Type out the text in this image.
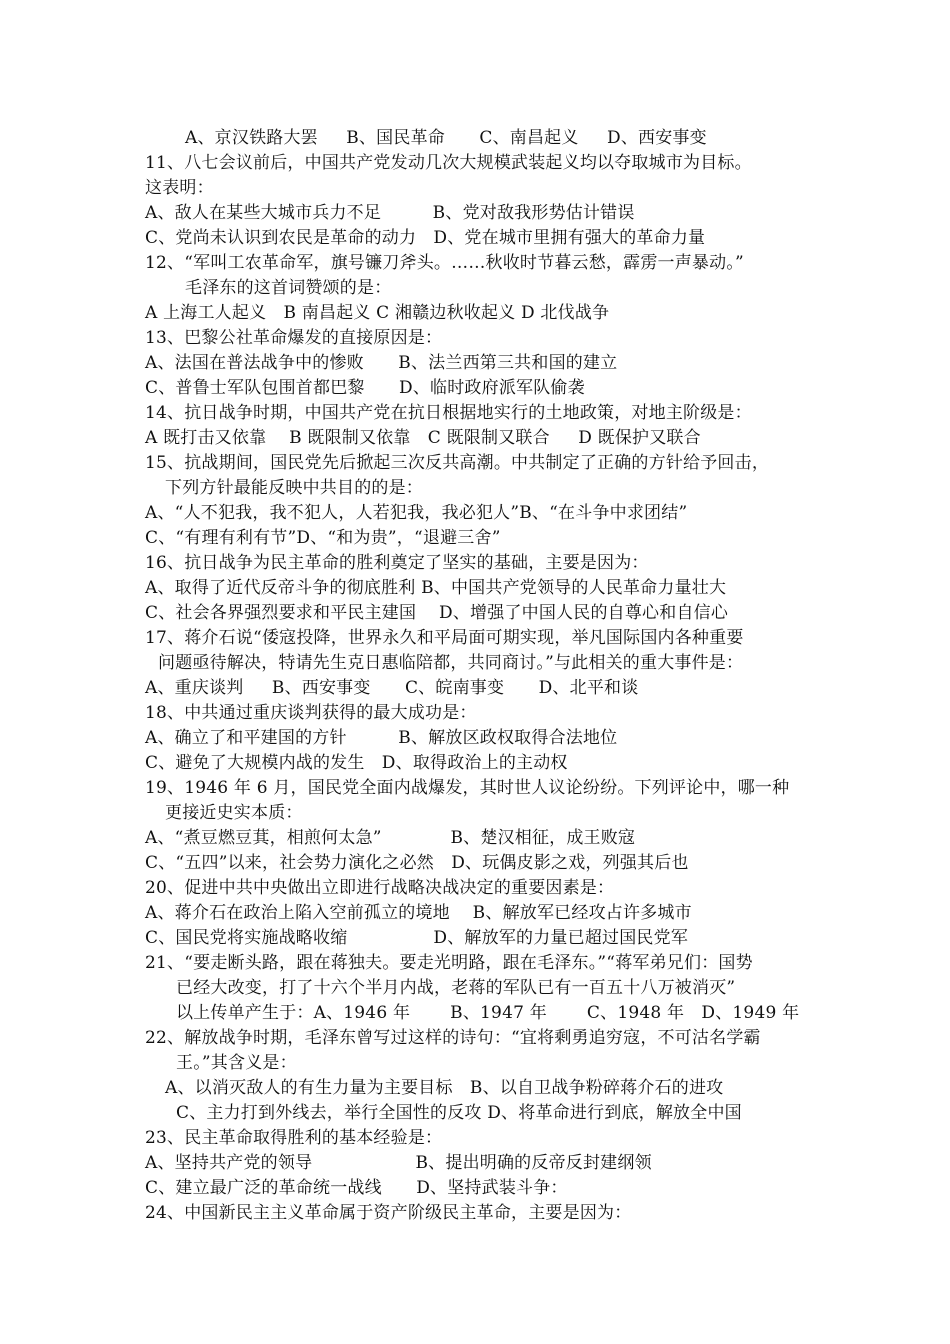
A、京汉铁路大罢　  B、国民革命　　C、南昌起义　  D、西安事变
11、八七会议前后，中国共产党发动几次大规模武装起义均以夺取城市为目标。
这表明：
A、敌人在某些大城市兵力不足　　　B、党对敌我形势估计错误
C、党尚未认识到农民是革命的动力　D、党在城市里拥有强大的革命力量
12、“军叫工农革命军，旗号镰刀斧头。……秋收时节暮云愁，霹雳一声暴动。”
毛泽东的这首词赞颂的是：
A 上海工人起义　B 南昌起义 C 湘赣边秋收起义 D 北伐战争
13、巴黎公社革命爆发的直接原因是：
A、法国在普法战争中的惨败　　B、法兰西第三共和国的建立
C、普鲁士军队包围首都巴黎　　D、临时政府派军队偷袭
14、抗日战争时期，中国共产党在抗日根据地实行的土地政策，对地主阶级是：
A 既打击又依靠　 B 既限制又依靠　C 既限制又联合　  D 既保护又联合
15、抗战期间，国民党先后掀起三次反共高潮。中共制定了正确的方针给予回击，
下列方针最能反映中共目的的是：
A、“人不犯我，我不犯人，人若犯我，我必犯人”B、“在斗争中求团结”
C、“有理有利有节”D、“和为贵”，“退避三舍”
16、抗日战争为民主革命的胜利奠定了坚实的基础，主要是因为：
A、取得了近代反帝斗争的彻底胜利 B、中国共产党领导的人民革命力量壮大
C、社会各界强烈要求和平民主建国　 D、增强了中国人民的自尊心和自信心
17、蒋介石说“倭寇投降，世界永久和平局面可期实现，举凡国际国内各种重要
问题亟待解决，特请先生克日惠临陪都，共同商讨。”与此相关的重大事件是：
A、重庆谈判　  B、西安事变　　C、皖南事变　　D、北平和谈
18、中共通过重庆谈判获得的最大成功是：
A、确立了和平建国的方针　　　B、解放区政权取得合法地位
C、避免了大规模内战的发生　D、取得政治上的主动权
19、1946 年 6 月，国民党全面内战爆发，其时世人议论纷纷。下列评论中，哪一种
更接近史实本质：
A、“煮豆燃豆萁，相煎何太急”　　　　B、楚汉相征，成王败寇
C、“五四”以来，社会势力演化之必然　D、玩偶皮影之戏，列强其后也
20、促进中共中央做出立即进行战略决战决定的重要因素是：
A、蒋介石在政治上陷入空前孤立的境地　 B、解放军已经攻占许多城市
C、国民党将实施战略收缩　　　　　D、解放军的力量已超过国民党军
21、“要走断头路，跟在蒋独夫。要走光明路，跟在毛泽东。”“蒋军弟兄们：国势
已经大改变，打了十六个半月内战，老蒋的军队已有一百五十八万被消灭”
以上传单产生于：A、1946 年　　 B、1947 年　　 C、1948 年　D、1949 年
22、解放战争时期，毛泽东曾写过这样的诗句：“宜将剩勇追穷寇，不可沽名学霸
王。”其含义是：
A、以消灭敌人的有生力量为主要目标　B、以自卫战争粉碎蒋介石的进攻
C、主力打到外线去，举行全国性的反攻 D、将革命进行到底，解放全中国
23、民主革命取得胜利的基本经验是：
A、坚持共产党的领导　　　　　　B、提出明确的反帝反封建纲领
C、建立最广泛的革命统一战线　　D、坚持武装斗争：
24、中国新民主主义革命属于资产阶级民主革命，主要是因为：
